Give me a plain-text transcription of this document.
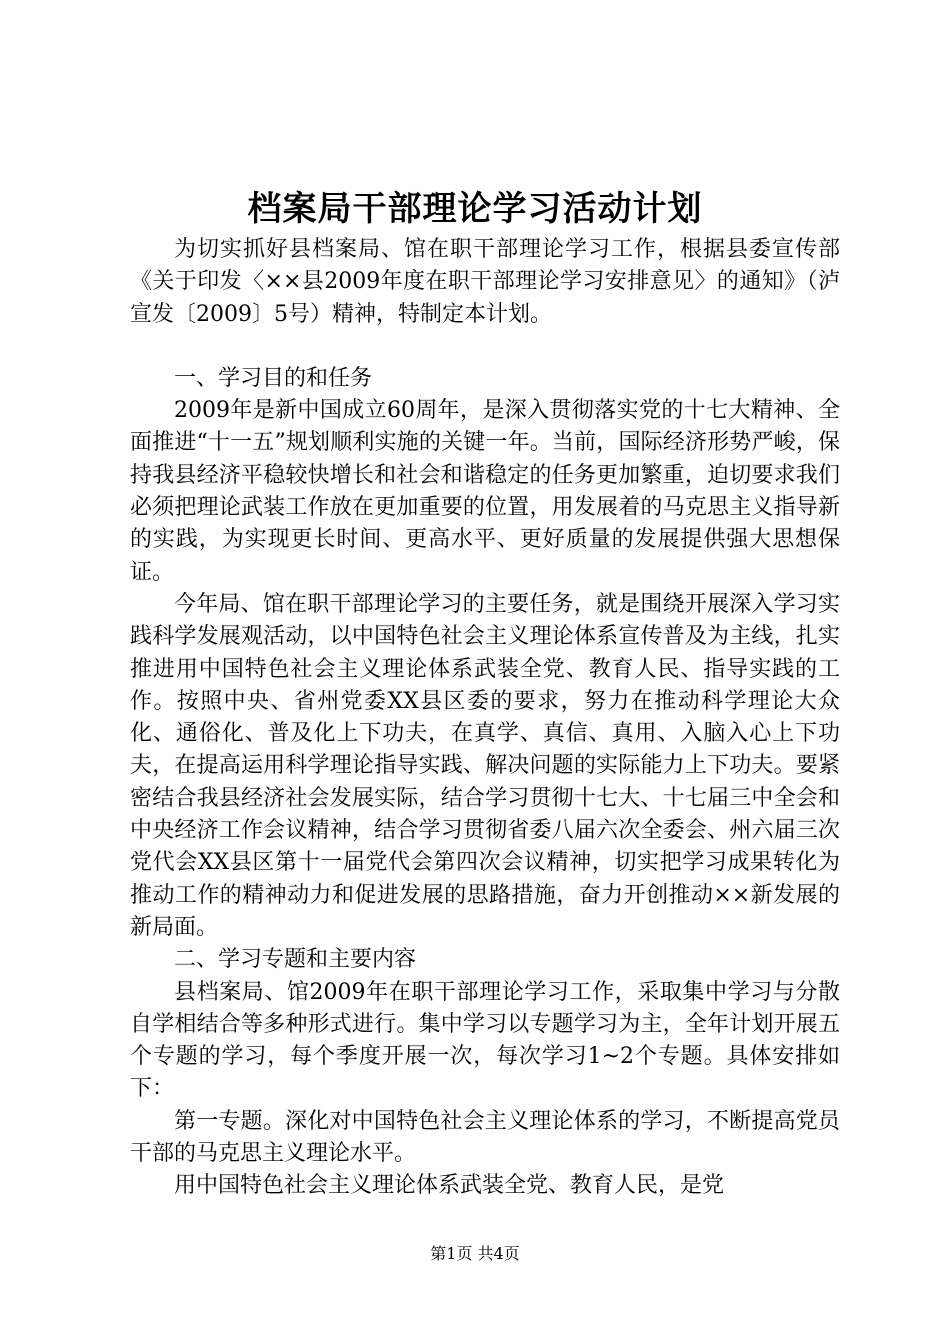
档案局干部理论学习活动计划

为切实抓好县档案局、馆在职干部理论学习工作，根据县委宣传部《关于印发〈××县2009年度在职干部理论学习安排意见〉的通知》（泸宣发〔2009〕5号）精神，特制定本计划。

一、学习目的和任务

2009年是新中国成立60周年，是深入贯彻落实党的十七大精神、全面推进“十一五”规划顺利实施的关键一年。当前，国际经济形势严峻，保持我县经济平稳较快增长和社会和谐稳定的任务更加繁重，迫切要求我们必须把理论武装工作放在更加重要的位置，用发展着的马克思主义指导新的实践，为实现更长时间、更高水平、更好质量的发展提供强大思想保证。

今年局、馆在职干部理论学习的主要任务，就是围绕开展深入学习实践科学发展观活动，以中国特色社会主义理论体系宣传普及为主线，扎实推进用中国特色社会主义理论体系武装全党、教育人民、指导实践的工作。按照中央、省州党委XX县区委的要求，努力在推动科学理论大众化、通俗化、普及化上下功夫，在真学、真信、真用、入脑入心上下功夫，在提高运用科学理论指导实践、解决问题的实际能力上下功夫。要紧密结合我县经济社会发展实际，结合学习贯彻十七大、十七届三中全会和中央经济工作会议精神，结合学习贯彻省委八届六次全委会、州六届三次党代会XX县区第十一届党代会第四次会议精神，切实把学习成果转化为推动工作的精神动力和促进发展的思路措施，奋力开创推动××新发展的新局面。

二、学习专题和主要内容

县档案局、馆2009年在职干部理论学习工作，采取集中学习与分散自学相结合等多种形式进行。集中学习以专题学习为主，全年计划开展五个专题的学习，每个季度开展一次，每次学习1~2个专题。具体安排如下：

第一专题。深化对中国特色社会主义理论体系的学习，不断提高党员干部的马克思主义理论水平。

用中国特色社会主义理论体系武装全党、教育人民，是党

第1页 共4页
